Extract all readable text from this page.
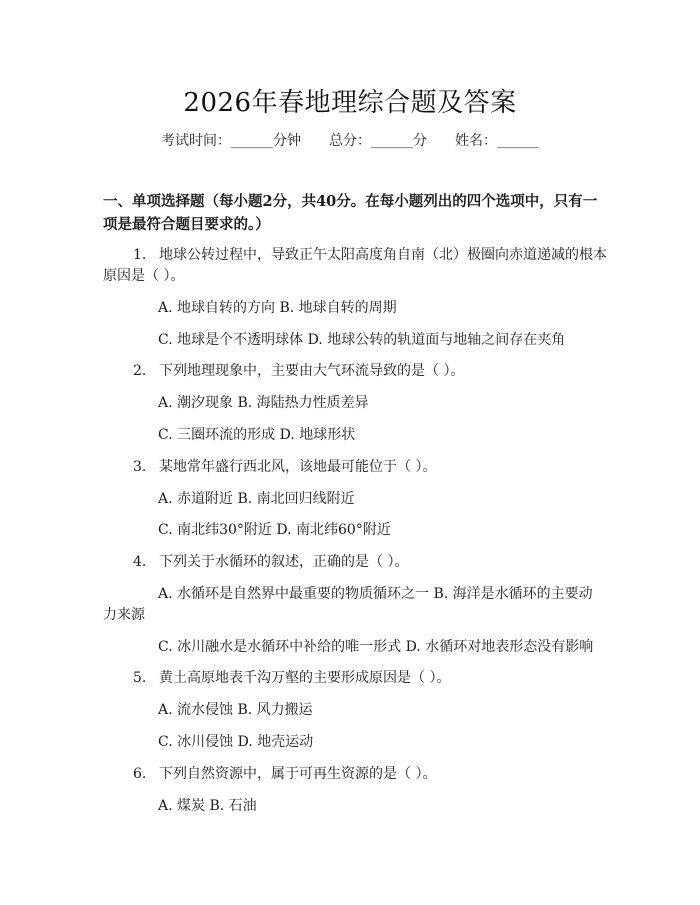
2026年春地理综合题及答案
考试时间：______分钟 总分：______分 姓名：______
一、单项选择题（每小题2分，共40分。在每小题列出的四个选项中，只有一项是最符合题目要求的。）
1. 地球公转过程中，导致正午太阳高度角自南（北）极圈向赤道递减的根本
原因是（ ）。
A. 地球自转的方向 B. 地球自转的周期
C. 地球是个不透明球体 D. 地球公转的轨道面与地轴之间存在夹角
2. 下列地理现象中，主要由大气环流导致的是（ ）。
A. 潮汐现象 B. 海陆热力性质差异
C. 三圈环流的形成 D. 地球形状
3. 某地常年盛行西北风，该地最可能位于（ ）。
A. 赤道附近 B. 南北回归线附近
C. 南北纬30°附近 D. 南北纬60°附近
4. 下列关于水循环的叙述，正确的是（ ）。
A. 水循环是自然界中最重要的物质循环之一 B. 海洋是水循环的主要动
力来源
C. 冰川融水是水循环中补给的唯一形式 D. 水循环对地表形态没有影响
5. 黄土高原地表千沟万壑的主要形成原因是（ ）。
A. 流水侵蚀 B. 风力搬运
C. 冰川侵蚀 D. 地壳运动
6. 下列自然资源中，属于可再生资源的是（ ）。
A. 煤炭 B. 石油
